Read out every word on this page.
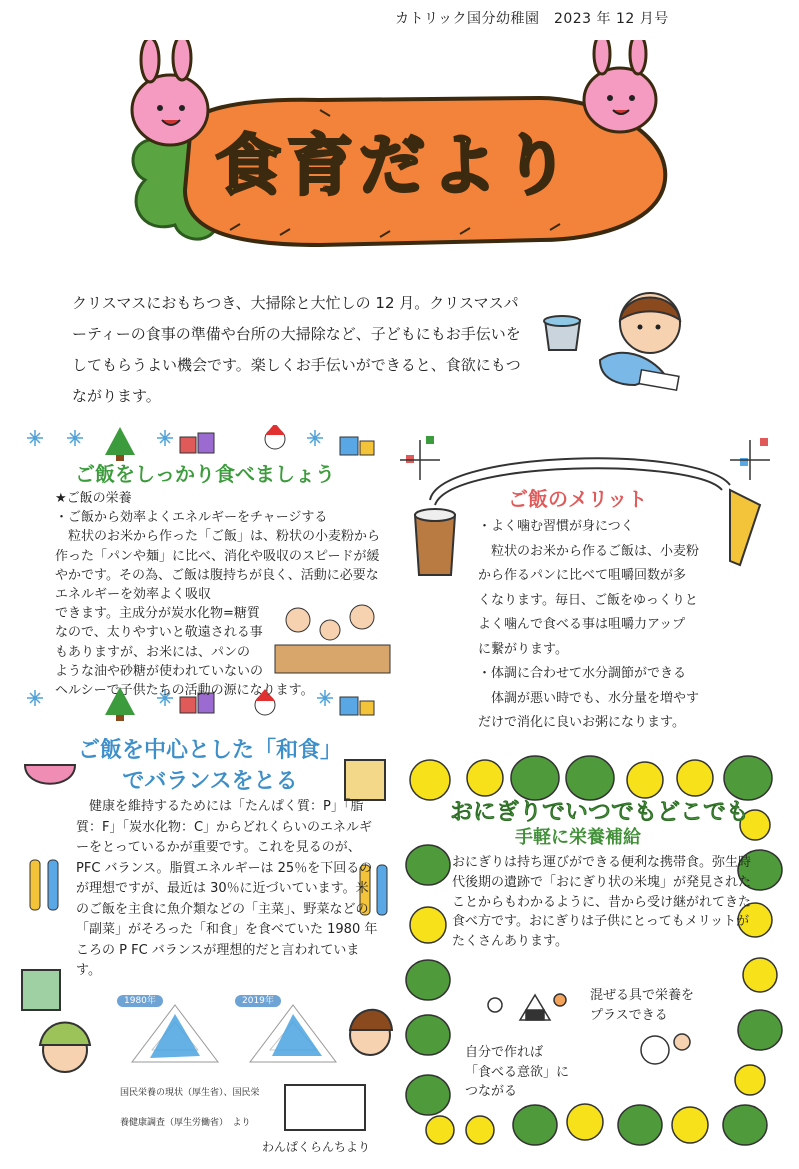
カトリック国分幼稚園　2023 年 12 月号
食育だより
クリスマスにおもちつき、大掃除と大忙しの 12 月。クリスマスパーティーの食事の準備や台所の大掃除など、子どもにもお手伝いをしてもらうよい機会です。楽しくお手伝いができると、食欲にもつながります。
ご飯をしっかり食べましょう
★ご飯の栄養
・ご飯から効率よくエネルギーをチャージする
　粒状のお米から作った「ご飯」は、粉状の小麦粉から作った「パンや麺」に比べ、消化や吸収のスピードが緩やかです。その為、ご飯は腹持ちが良く、活動に必要なエネルギーを効率よく吸収
できます。主成分が炭水化物=糖質
なので、太りやすいと敬遠される事
もありますが、お米には、パンの
ような油や砂糖が使われていないの
ヘルシーで子供たちの活動の源になります。
ご飯のメリット
・よく噛む習慣が身につく
　粒状のお米から作るご飯は、小麦粉
から作るパンに比べて咀嚼回数が多
くなります。毎日、ご飯をゆっくりと
よく噛んで食べる事は咀嚼力アップ
に繋がります。
・体調に合わせて水分調節ができる
　体調が悪い時でも、水分量を増やす
だけで消化に良いお粥になります。
ご飯を中心とした「和食」
でバランスをとる
　健康を維持するためには「たんぱく質：P」「脂質：F」「炭水化物：C」からどれくらいのエネルギーをとっているかが重要です。これを見るのが、PFC バランス。脂質エネルギーは 25％を下回るのが理想ですが、最近は 30％に近づいています。米のご飯を主食に魚介類などの「主菜」、野菜などの「副菜」がそろった「和食」を食べていた 1980 年ころの P FC バランスが理想的だと言われています。
1980年	2019年
国民栄養の現状（厚生省）、国民栄
養健康調査（厚生労働省）　より
わんぱくらんちより
おにぎりでいつでもどこでも
手軽に栄養補給
おにぎりは持ち運びができる便利な携帯食。弥生時代後期の遺跡で「おにぎり状の米塊」が発見されたことからもわかるように、昔から受け継がれてきた食べ方です。おにぎりは子供にとってもメリットがたくさんあります。
混ぜる具で栄養を
プラスできる
自分で作れば
「食べる意欲」に
つながる
